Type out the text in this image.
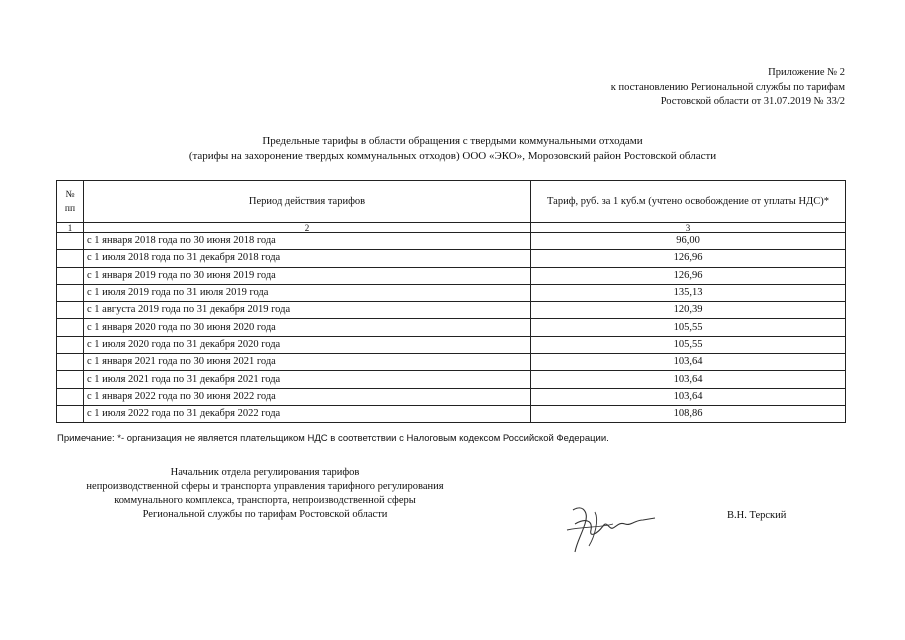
Приложение № 2
к постановлению Региональной службы по тарифам
Ростовской области от 31.07.2019 № 33/2
Предельные тарифы в области обращения с твердыми коммунальными отходами
(тарифы на захоронение твердых коммунальных отходов) ООО «ЭКО», Морозовский район Ростовской области
№
пп	Период действия тарифов	Тариф, руб. за 1 куб.м (учтено освобождение от уплаты НДС)*
1	2	3
	с 1 января 2018 года по 30 июня 2018 года	96,00
	с 1 июля 2018 года по 31 декабря 2018 года	126,96
	с 1 января 2019 года по 30 июня 2019 года	126,96
	с 1 июля 2019 года по 31 июля 2019 года	135,13
	с 1 августа 2019 года по 31 декабря 2019 года	120,39
	с 1 января 2020 года по 30 июня 2020 года	105,55
	с 1 июля 2020 года по 31 декабря 2020 года	105,55
	с 1 января 2021 года по 30 июня 2021 года	103,64
	с 1 июля 2021 года по 31 декабря 2021 года	103,64
	с 1 января 2022 года по 30 июня 2022 года	103,64
	с 1 июля 2022 года по 31 декабря 2022 года	108,86
Примечание: *- организация не является плательщиком НДС в соответствии с Налоговым кодексом Российской Федерации.
Начальник отдела регулирования тарифов
непроизводственной сферы и транспорта управления тарифного регулирования
коммунального комплекса, транспорта, непроизводственной сферы
Региональной службы по тарифам Ростовской области	В.Н. Терский
